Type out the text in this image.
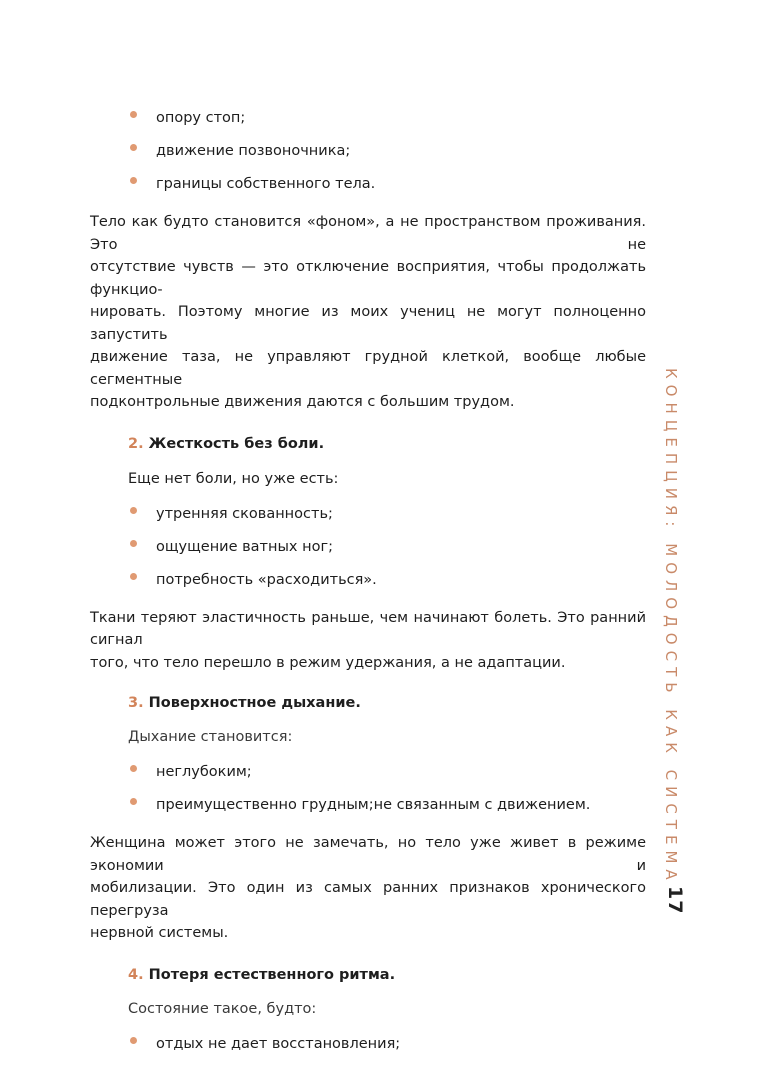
опору стоп;
движение позвоночника;
границы собственного тела.
Тело как будто становится «фоном», а не пространством проживания. Это не
отсутствие чувств — это отключение восприятия, чтобы продолжать функцио-
нировать. Поэтому многие из моих учениц не могут полноценно запустить
движение таза, не управляют грудной клеткой, вообще любые сегментные
подконтрольные движения даются с большим трудом.
2. Жесткость без боли.
Еще нет боли, но уже есть:
утренняя скованность;
ощущение ватных ног;
потребность «расходиться».
Ткани теряют эластичность раньше, чем начинают болеть. Это ранний сигнал
того, что тело перешло в режим удержания, а не адаптации.
3. Поверхностное дыхание.
Дыхание становится:
неглубоким;
преимущественно грудным;не связанным с движением.
Женщина может этого не замечать, но тело уже живет в режиме экономии и
мобилизации. Это один из самых ранних признаков хронического перегруза
нервной системы.
4. Потеря естественного ритма.
Состояние такое, будто:
отдых не дает восстановления;
КОНЦЕПЦИЯ: МОЛОДОСТЬ КАК СИСТЕМА
17
